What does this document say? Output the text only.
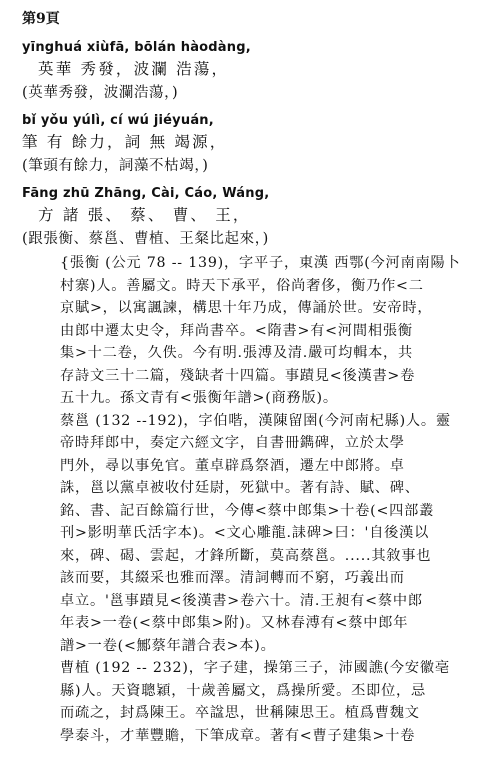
第9頁
yīnghuá xiùfā, bōlán hàodàng,
英華 秀發，波瀾 浩蕩，
(英華秀發，波瀾浩蕩，)
bǐ yǒu yúlì, cí wú jiéyuán,
筆 有 餘力，詞 無 竭源，
(筆頭有餘力，詞藻不枯竭，)
Fāng zhū Zhāng, Cài, Cáo, Wáng,
方 諸 張、 蔡、 曹、 王，
(跟張衡、蔡邕、曹植、王粲比起來，)
{張衡 (公元 78 -- 139)，字平子，東漢 西鄂(今河南南陽卜
村寨)人。善屬文。時天下承平，俗尚奢侈，衡乃作<二
京賦>，以寓諷諫，構思十年乃成，傳誦於世。安帝時，
由郎中遷太史令，拜尚書卒。<隋書>有<河間相張衡
集>十二卷，久佚。今有明.張溥及清.嚴可均輯本，共
存詩文三十二篇，殘缺者十四篇。事蹟見<後漢書>卷
五十九。孫文青有<張衡年譜>(商務版)。
蔡邕 (132 --192)，字伯喈，漢陳留圉(今河南杞縣)人。靈
帝時拜郎中，奏定六經文字，自書冊鐫碑，立於太學
門外，尋以事免官。董卓辟爲祭酒，遷左中郎將。卓
誅，邕以黨卓被收付廷尉，死獄中。著有詩、賦、碑、
銘、書、記百餘篇行世，今傳<蔡中郎集>十卷(<四部叢
刊>影明華氏活字本)。<文心雕龍.誄碑>曰：'自後漢以
來，碑、碣、雲起，才鋒所斷，莫高蔡邕。.....其敘事也
該而要，其綴采也雅而澤。清詞轉而不窮，巧義出而
卓立。'邕事蹟見<後漢書>卷六十。清.王昶有<蔡中郎
年表>一卷(<蔡中郎集>附)。又林春溥有<蔡中郎年
譜>一卷(<鄦蔡年譜合表>本)。
曹植 (192 -- 232)，字子建，操第三子，沛國譙(今安徽亳
縣)人。天資聰穎，十歲善屬文，爲操所愛。丕即位，忌
而疏之，封爲陳王。卒諡思，世稱陳思王。植爲曹魏文
學泰斗，才華豐贍，下筆成章。著有<曹子建集>十卷
